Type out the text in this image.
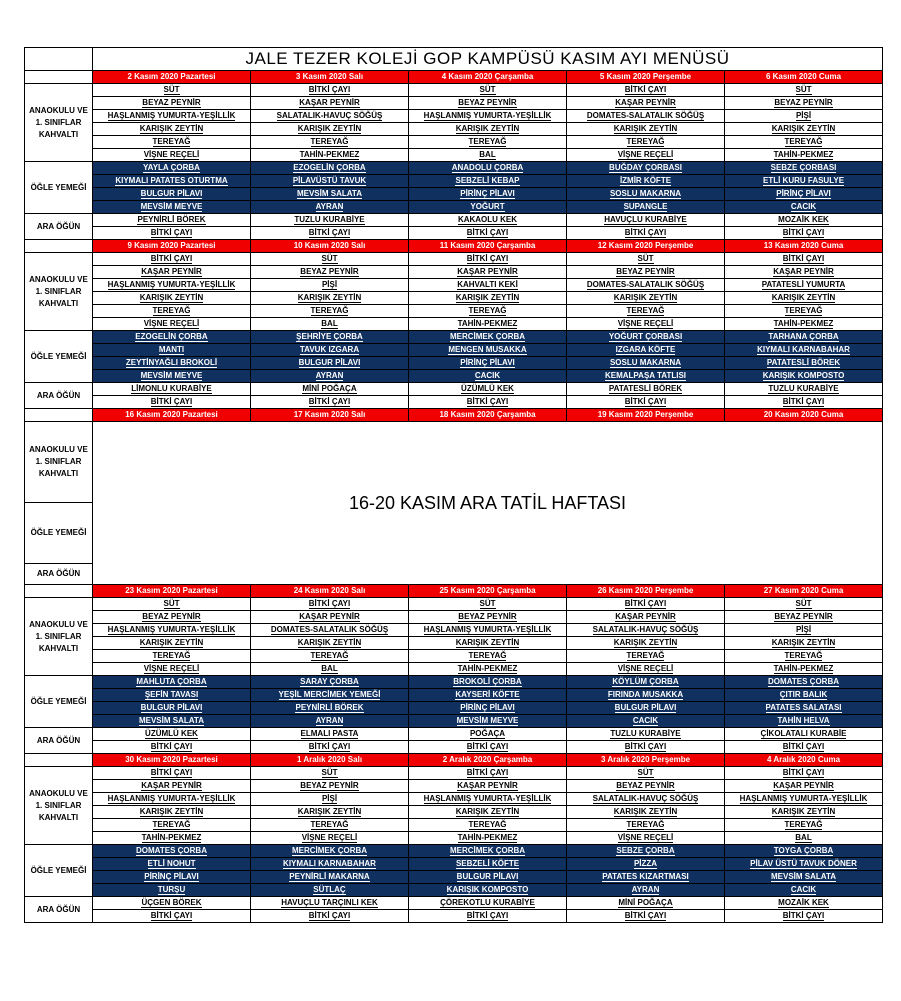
	JALE TEZER KOLEJİ GOP KAMPÜSÜ KASIM AYI MENÜSÜ				
	2 Kasım 2020 Pazartesi	3 Kasım 2020 Salı	4 Kasım 2020 Çarşamba	5 Kasım 2020 Perşembe	6 Kasım 2020 Cuma
ANAOKULU VE 1. SINIFLAR KAHVALTI	SÜT	BİTKİ ÇAYI	SÜT	BİTKİ ÇAYI	SÜT
	BEYAZ PEYNİR	KAŞAR PEYNİR	BEYAZ PEYNİR	KAŞAR PEYNİR	BEYAZ PEYNİR
	HAŞLANMIŞ YUMURTA-YEŞİLLİK	SALATALIK-HAVUÇ SÖĞÜŞ	HAŞLANMIŞ YUMURTA-YEŞİLLİK	DOMATES-SALATALIK SÖĞÜŞ	PİŞİ
	KARIŞIK ZEYTİN	KARIŞIK ZEYTİN	KARIŞIK ZEYTİN	KARIŞIK ZEYTİN	KARIŞIK ZEYTİN
	TEREYAĞ	TEREYAĞ	TEREYAĞ	TEREYAĞ	TEREYAĞ
	VİŞNE REÇELİ	TAHİN-PEKMEZ	BAL	VİŞNE REÇELİ	TAHİN-PEKMEZ
ÖĞLE YEMEĞİ	YAYLA ÇORBA	EZOGELİN ÇORBA	ANADOLU ÇORBA	BUĞDAY ÇORBASI	SEBZE ÇORBASI
	KIYMALI PATATES OTURTMA	PİLAVÜSTÜ TAVUK	SEBZELİ KEBAP	İZMİR KÖFTE	ETLİ KURU FASULYE
	BULGUR PİLAVI	MEVSİM SALATA	PİRİNÇ PİLAVI	SOSLU MAKARNA	PİRİNÇ PİLAVI
	MEVSİM MEYVE	AYRAN	YOĞURT	SUPANGLE	CACIK
ARA ÖĞÜN	PEYNİRLİ BÖREK	TUZLU KURABİYE	KAKAOLU KEK	HAVUÇLU KURABİYE	MOZAİK KEK
	BİTKİ ÇAYI	BİTKİ ÇAYI	BİTKİ ÇAYI	BİTKİ ÇAYI	BİTKİ ÇAYI
	9 Kasım 2020 Pazartesi	10 Kasım 2020 Salı	11 Kasım 2020 Çarşamba	12 Kasım 2020 Perşembe	13 Kasım 2020 Cuma
ANAOKULU VE 1. SINIFLAR KAHVALTI	BİTKİ ÇAYI	SÜT	BİTKİ ÇAYI	SÜT	BİTKİ ÇAYI
	KAŞAR PEYNİR	BEYAZ PEYNİR	KAŞAR PEYNİR	BEYAZ PEYNİR	KAŞAR PEYNİR
	HAŞLANMIŞ YUMURTA-YEŞİLLİK	PİŞİ	KAHVALTI KEKİ	DOMATES-SALATALIK SÖĞÜŞ	PATATESLİ YUMURTA
	KARIŞIK ZEYTİN	KARIŞIK ZEYTİN	KARIŞIK ZEYTİN	KARIŞIK ZEYTİN	KARIŞIK ZEYTİN
	TEREYAĞ	TEREYAĞ	TEREYAĞ	TEREYAĞ	TEREYAĞ
	VİŞNE REÇELİ	BAL	TAHİN-PEKMEZ	VİŞNE REÇELİ	TAHİN-PEKMEZ
ÖĞLE YEMEĞİ	EZOGELİN ÇORBA	ŞEHRİYE ÇORBA	MERCİMEK ÇORBA	YOĞURT ÇORBASI	TARHANA ÇORBA
	MANTI	TAVUK IZGARA	MENGEN MUSAKKA	IZGARA KÖFTE	KIYMALI KARNABAHAR
	ZEYTİNYAĞLI BROKOLİ	BULGUR PİLAVI	PİRİNÇ PİLAVI	SOSLU MAKARNA	PATATESLİ BÖREK
	MEVSİM MEYVE	AYRAN	CACIK	KEMALPAŞA TATLISI	KARIŞIK KOMPOSTO
ARA ÖĞÜN	LİMONLU KURABİYE	MİNİ POĞAÇA	ÜZÜMLÜ KEK	PATATESLİ BÖREK	TUZLU KURABİYE
	BİTKİ ÇAYI	BİTKİ ÇAYI	BİTKİ ÇAYI	BİTKİ ÇAYI	BİTKİ ÇAYI
	16 Kasım 2020 Pazartesi	17 Kasım 2020 Salı	18 Kasım 2020 Çarşamba	19 Kasım 2020 Perşembe	20 Kasım 2020 Cuma
ANAOKULU VE 1. SINIFLAR KAHVALTI	16-20 KASIM ARA TATİL HAFTASI				
ÖĞLE YEMEĞİ					
ARA ÖĞÜN					
	23 Kasım 2020 Pazartesi	24 Kasım 2020 Salı	25 Kasım 2020 Çarşamba	26 Kasım 2020 Perşembe	27 Kasım 2020 Cuma
ANAOKULU VE 1. SINIFLAR KAHVALTI	SÜT	BİTKİ ÇAYI	SÜT	BİTKİ ÇAYI	SÜT
	BEYAZ PEYNİR	KAŞAR PEYNİR	BEYAZ PEYNİR	KAŞAR PEYNİR	BEYAZ PEYNİR
	HAŞLANMIŞ YUMURTA-YEŞİLLİK	DOMATES-SALATALIK SÖĞÜŞ	HAŞLANMIŞ YUMURTA-YEŞİLLİK	SALATALIK-HAVUÇ SÖĞÜŞ	PİŞİ
	KARIŞIK ZEYTİN	KARIŞIK ZEYTİN	KARIŞIK ZEYTİN	KARIŞIK ZEYTİN	KARIŞIK ZEYTİN
	TEREYAĞ	TEREYAĞ	TEREYAĞ	TEREYAĞ	TEREYAĞ
	VİŞNE REÇELİ	BAL	TAHİN-PEKMEZ	VİŞNE REÇELİ	TAHİN-PEKMEZ
ÖĞLE YEMEĞİ	MAHLUTA ÇORBA	SARAY ÇORBA	BROKOLİ ÇORBA	KÖYLÜM ÇORBA	DOMATES ÇORBA
	ŞEFİN TAVASI	YEŞİL MERCİMEK YEMEĞİ	KAYSERİ KÖFTE	FIRINDA MUSAKKA	ÇITIR BALIK
	BULGUR PİLAVI	PEYNİRLİ BÖREK	PİRİNÇ PİLAVI	BULGUR PİLAVI	PATATES SALATASI
	MEVSİM SALATA	AYRAN	MEVSİM MEYVE	CACIK	TAHİN HELVA
ARA ÖĞÜN	ÜZÜMLÜ KEK	ELMALI PASTA	POĞAÇA	TUZLU KURABİYE	ÇİKOLATALI KURABİE
	BİTKİ ÇAYI	BİTKİ ÇAYI	BİTKİ ÇAYI	BİTKİ ÇAYI	BİTKİ ÇAYI
	30 Kasım 2020 Pazartesi	1 Aralık 2020 Salı	2 Aralık 2020 Çarşamba	3 Aralık 2020 Perşembe	4 Aralık 2020 Cuma
ANAOKULU VE 1. SINIFLAR KAHVALTI	BİTKİ ÇAYI	SÜT	BİTKİ ÇAYI	SÜT	BİTKİ ÇAYI
	KAŞAR PEYNİR	BEYAZ PEYNİR	KAŞAR PEYNİR	BEYAZ PEYNİR	KAŞAR PEYNİR
	HAŞLANMIŞ YUMURTA-YEŞİLLİK	PİŞİ	HAŞLANMIŞ YUMURTA-YEŞİLLİK	SALATALIK-HAVUÇ SÖĞÜŞ	HAŞLANMIŞ YUMURTA-YEŞİLLİK
	KARIŞIK ZEYTİN	KARIŞIK ZEYTİN	KARIŞIK ZEYTİN	KARIŞIK ZEYTİN	KARIŞIK ZEYTİN
	TEREYAĞ	TEREYAĞ	TEREYAĞ	TEREYAĞ	TEREYAĞ
	TAHİN-PEKMEZ	VİŞNE REÇELİ	TAHİN-PEKMEZ	VİŞNE REÇELİ	BAL
ÖĞLE YEMEĞİ	DOMATES ÇORBA	MERCİMEK ÇORBA	MERCİMEK ÇORBA	SEBZE ÇORBA	TOYGA ÇORBA
	ETLİ NOHUT	KIYMALI KARNABAHAR	SEBZELİ KÖFTE	PİZZA	PİLAV ÜSTÜ TAVUK DÖNER
	PİRİNÇ PİLAVI	PEYNİRLİ MAKARNA	BULGUR PİLAVI	PATATES KIZARTMASI	MEVSİM SALATA
	TURŞU	SÜTLAÇ	KARIŞIK KOMPOSTO	AYRAN	CACIK
ARA ÖĞÜN	ÜÇGEN BÖREK	HAVUÇLU TARÇINLI KEK	ÇÖREKOTLU KURABİYE	MİNİ POĞAÇA	MOZAİK KEK
	BİTKİ ÇAYI	BİTKİ ÇAYI	BİTKİ ÇAYI	BİTKİ ÇAYI	BİTKİ ÇAYI
